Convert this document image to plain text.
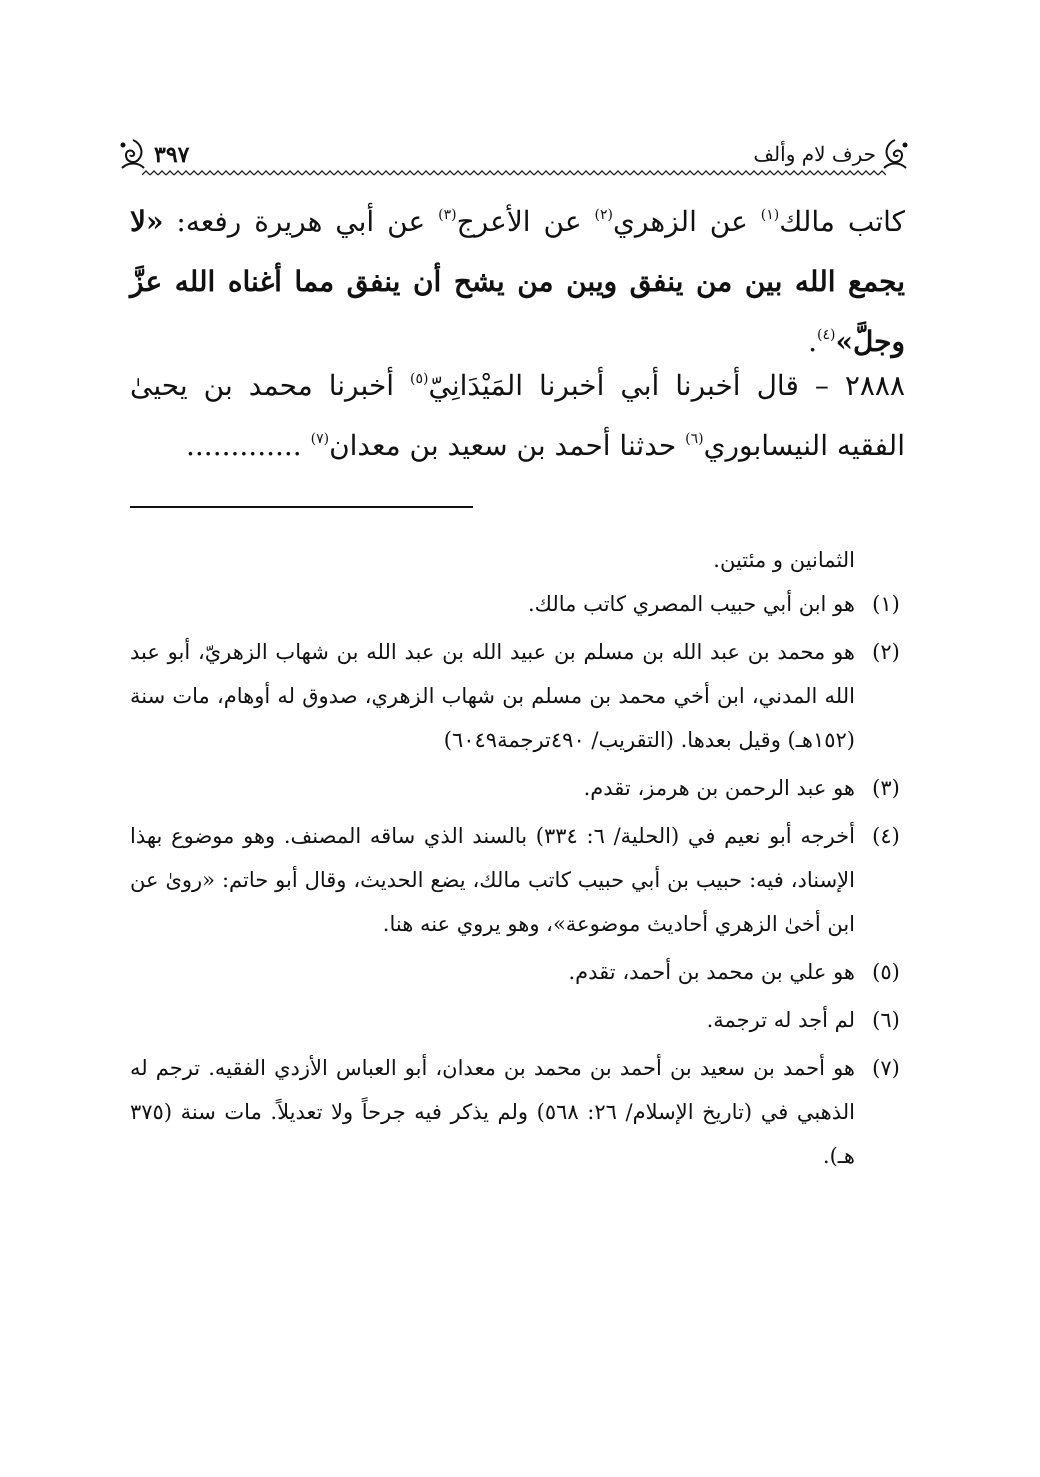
حرف لام وألف
٣٩٧

كاتب مالك$^{(١)}$ عن الزهري$^{(٢)}$ عن الأعرج$^{(٣)}$ عن أبي هريرة رفعه: «لا يجمع الله بين من ينفق ويبن من يشح أن ينفق مما أغناه الله عزَّ وجلَّ»$^{(٤)}$.

٢٨٨٨ – قال أخبرنا أبي أخبرنا المَيْدَانِيّ$^{(٥)}$ أخبرنا محمد بن يحيىٰ الفقيه النيسابوري$^{(٦)}$ حدثنا أحمد بن سعيد بن معدان$^{(٧)}$ .............

الثمانين و مئتين.

(١)
هو ابن أبي حبيب المصري كاتب مالك.
(٢)
هو محمد بن عبد الله بن مسلم بن عبيد الله بن عبد الله بن شهاب الزهريّ، أبو عبد الله المدني، ابن أخي محمد بن مسلم بن شهاب الزهري، صدوق له أوهام، مات سنة (١٥٢هـ) وقيل بعدها. (التقريب/ ٤٩٠ترجمة٦٠٤٩)
(٣)
هو عبد الرحمن بن هرمز، تقدم.
(٤)
أخرجه أبو نعيم في (الحلية/ ٦: ٣٣٤) بالسند الذي ساقه المصنف. وهو موضوع بهذا الإسناد، فيه: حبيب بن أبي حبيب كاتب مالك، يضع الحديث، وقال أبو حاتم: «روىٰ عن ابن أخىٰ الزهري أحاديث موضوعة»، وهو يروي عنه هنا.
(٥)
هو علي بن محمد بن أحمد، تقدم.
(٦)
لم أجد له ترجمة.
(٧)
هو أحمد بن سعيد بن أحمد بن محمد بن معدان، أبو العباس الأزدي الفقيه. ترجم له الذهبي في (تاريخ الإسلام/ ٢٦: ٥٦٨) ولم يذكر فيه جرحاً ولا تعديلاً. مات سنة (٣٧٥ هـ).
